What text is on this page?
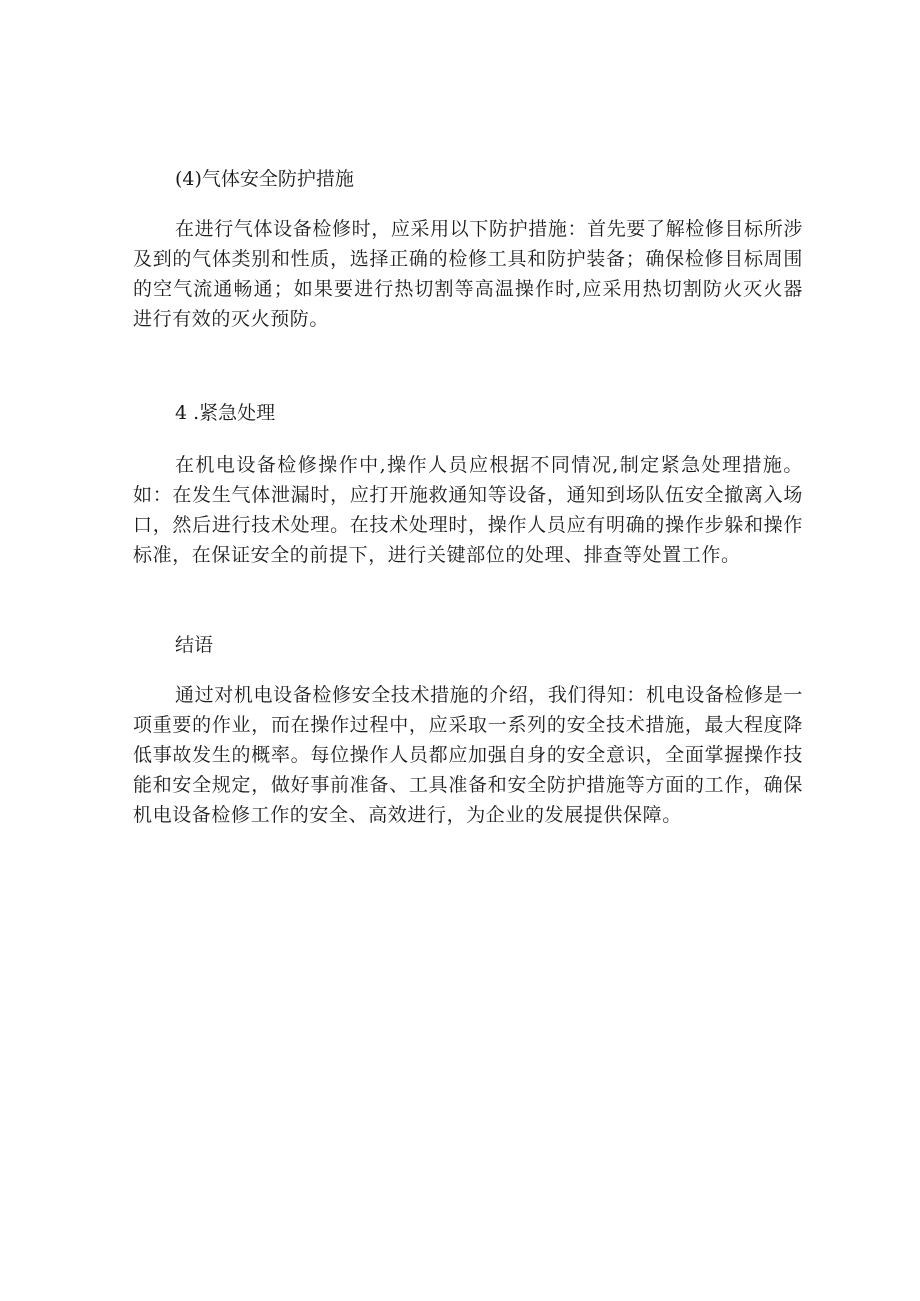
(4)气体安全防护措施

在进行气体设备检修时，应采用以下防护措施：首先要了解检修目标所涉及到的气体类别和性质，选择正确的检修工具和防护装备；确保检修目标周围的空气流通畅通；如果要进行热切割等高温操作时,应采用热切割防火灭火器进行有效的灭火预防。

4 .紧急处理

在机电设备检修操作中,操作人员应根据不同情况,制定紧急处理措施。如：在发生气体泄漏时，应打开施救通知等设备，通知到场队伍安全撤离入场口，然后进行技术处理。在技术处理时，操作人员应有明确的操作步躲和操作标准，在保证安全的前提下，进行关键部位的处理、排查等处置工作。

结语

通过对机电设备检修安全技术措施的介绍，我们得知：机电设备检修是一项重要的作业，而在操作过程中，应采取一系列的安全技术措施，最大程度降低事故发生的概率。每位操作人员都应加强自身的安全意识，全面掌握操作技能和安全规定，做好事前准备、工具准备和安全防护措施等方面的工作，确保机电设备检修工作的安全、高效进行，为企业的发展提供保障。
